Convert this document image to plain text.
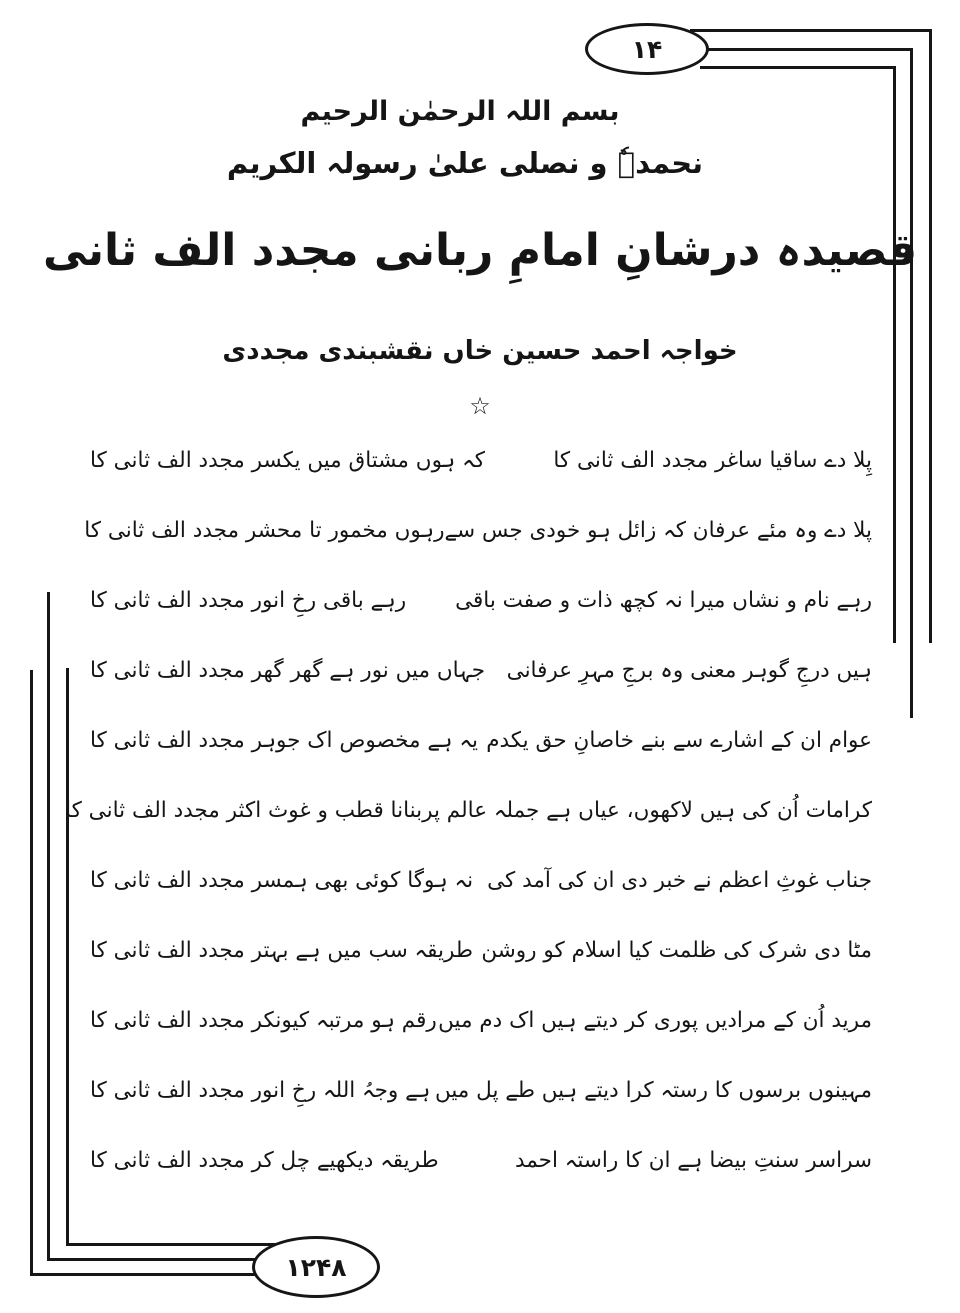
۱۴
۱۲۴۸
بسم اللہ الرحمٰن الرحیم
نحمدہٗ و نصلی علیٰ رسولہ الکریم
قصیدہ درشانِ امامِ ربانی مجدد الف ثانی
خواجہ احمد حسین خاں نقشبندی مجددی
☆
پِلا دے ساقیا ساغر مجدد الف ثانی کا
کہ ہوں مشتاق میں یکسر مجدد الف ثانی کا
پلا دے وہ مئے عرفان کہ زائل ہو خودی جس سے
رہوں مخمور تا محشر مجدد الف ثانی کا
رہے نام و نشاں میرا نہ کچھ ذات و صفت باقی
رہے باقی رخِ انور مجدد الف ثانی کا
ہیں درجِ گوہر معنی وہ برجِ مہرِ عرفانی
جہاں میں نور ہے گھر گھر مجدد الف ثانی کا
عوام ان کے اشارے سے بنے خاصانِ حق یکدم
یہ ہے مخصوص اک جوہر مجدد الف ثانی کا
کرامات اُن کی ہیں لاکھوں، عیاں ہے جملہ عالم پر
بنانا قطب و غوث اکثر مجدد الف ثانی کا
جناب غوثِ اعظم نے خبر دی ان کی آمد کی
نہ ہوگا کوئی بھی ہمسر مجدد الف ثانی کا
مٹا دی شرک کی ظلمت کیا اسلام کو روشن
طریقہ سب میں ہے بہتر مجدد الف ثانی کا
مرید اُن کے مرادیں پوری کر دیتے ہیں اک دم میں
رقم ہو مرتبہ کیونکر مجدد الف ثانی کا
مہینوں برسوں کا رستہ کرا دیتے ہیں طے پل میں
ہے وجہُ اللہ رخِ انور مجدد الف ثانی کا
سراسر سنتِ بیضا ہے ان کا راستہ احمد
طریقہ دیکھیے چل کر مجدد الف ثانی کا
